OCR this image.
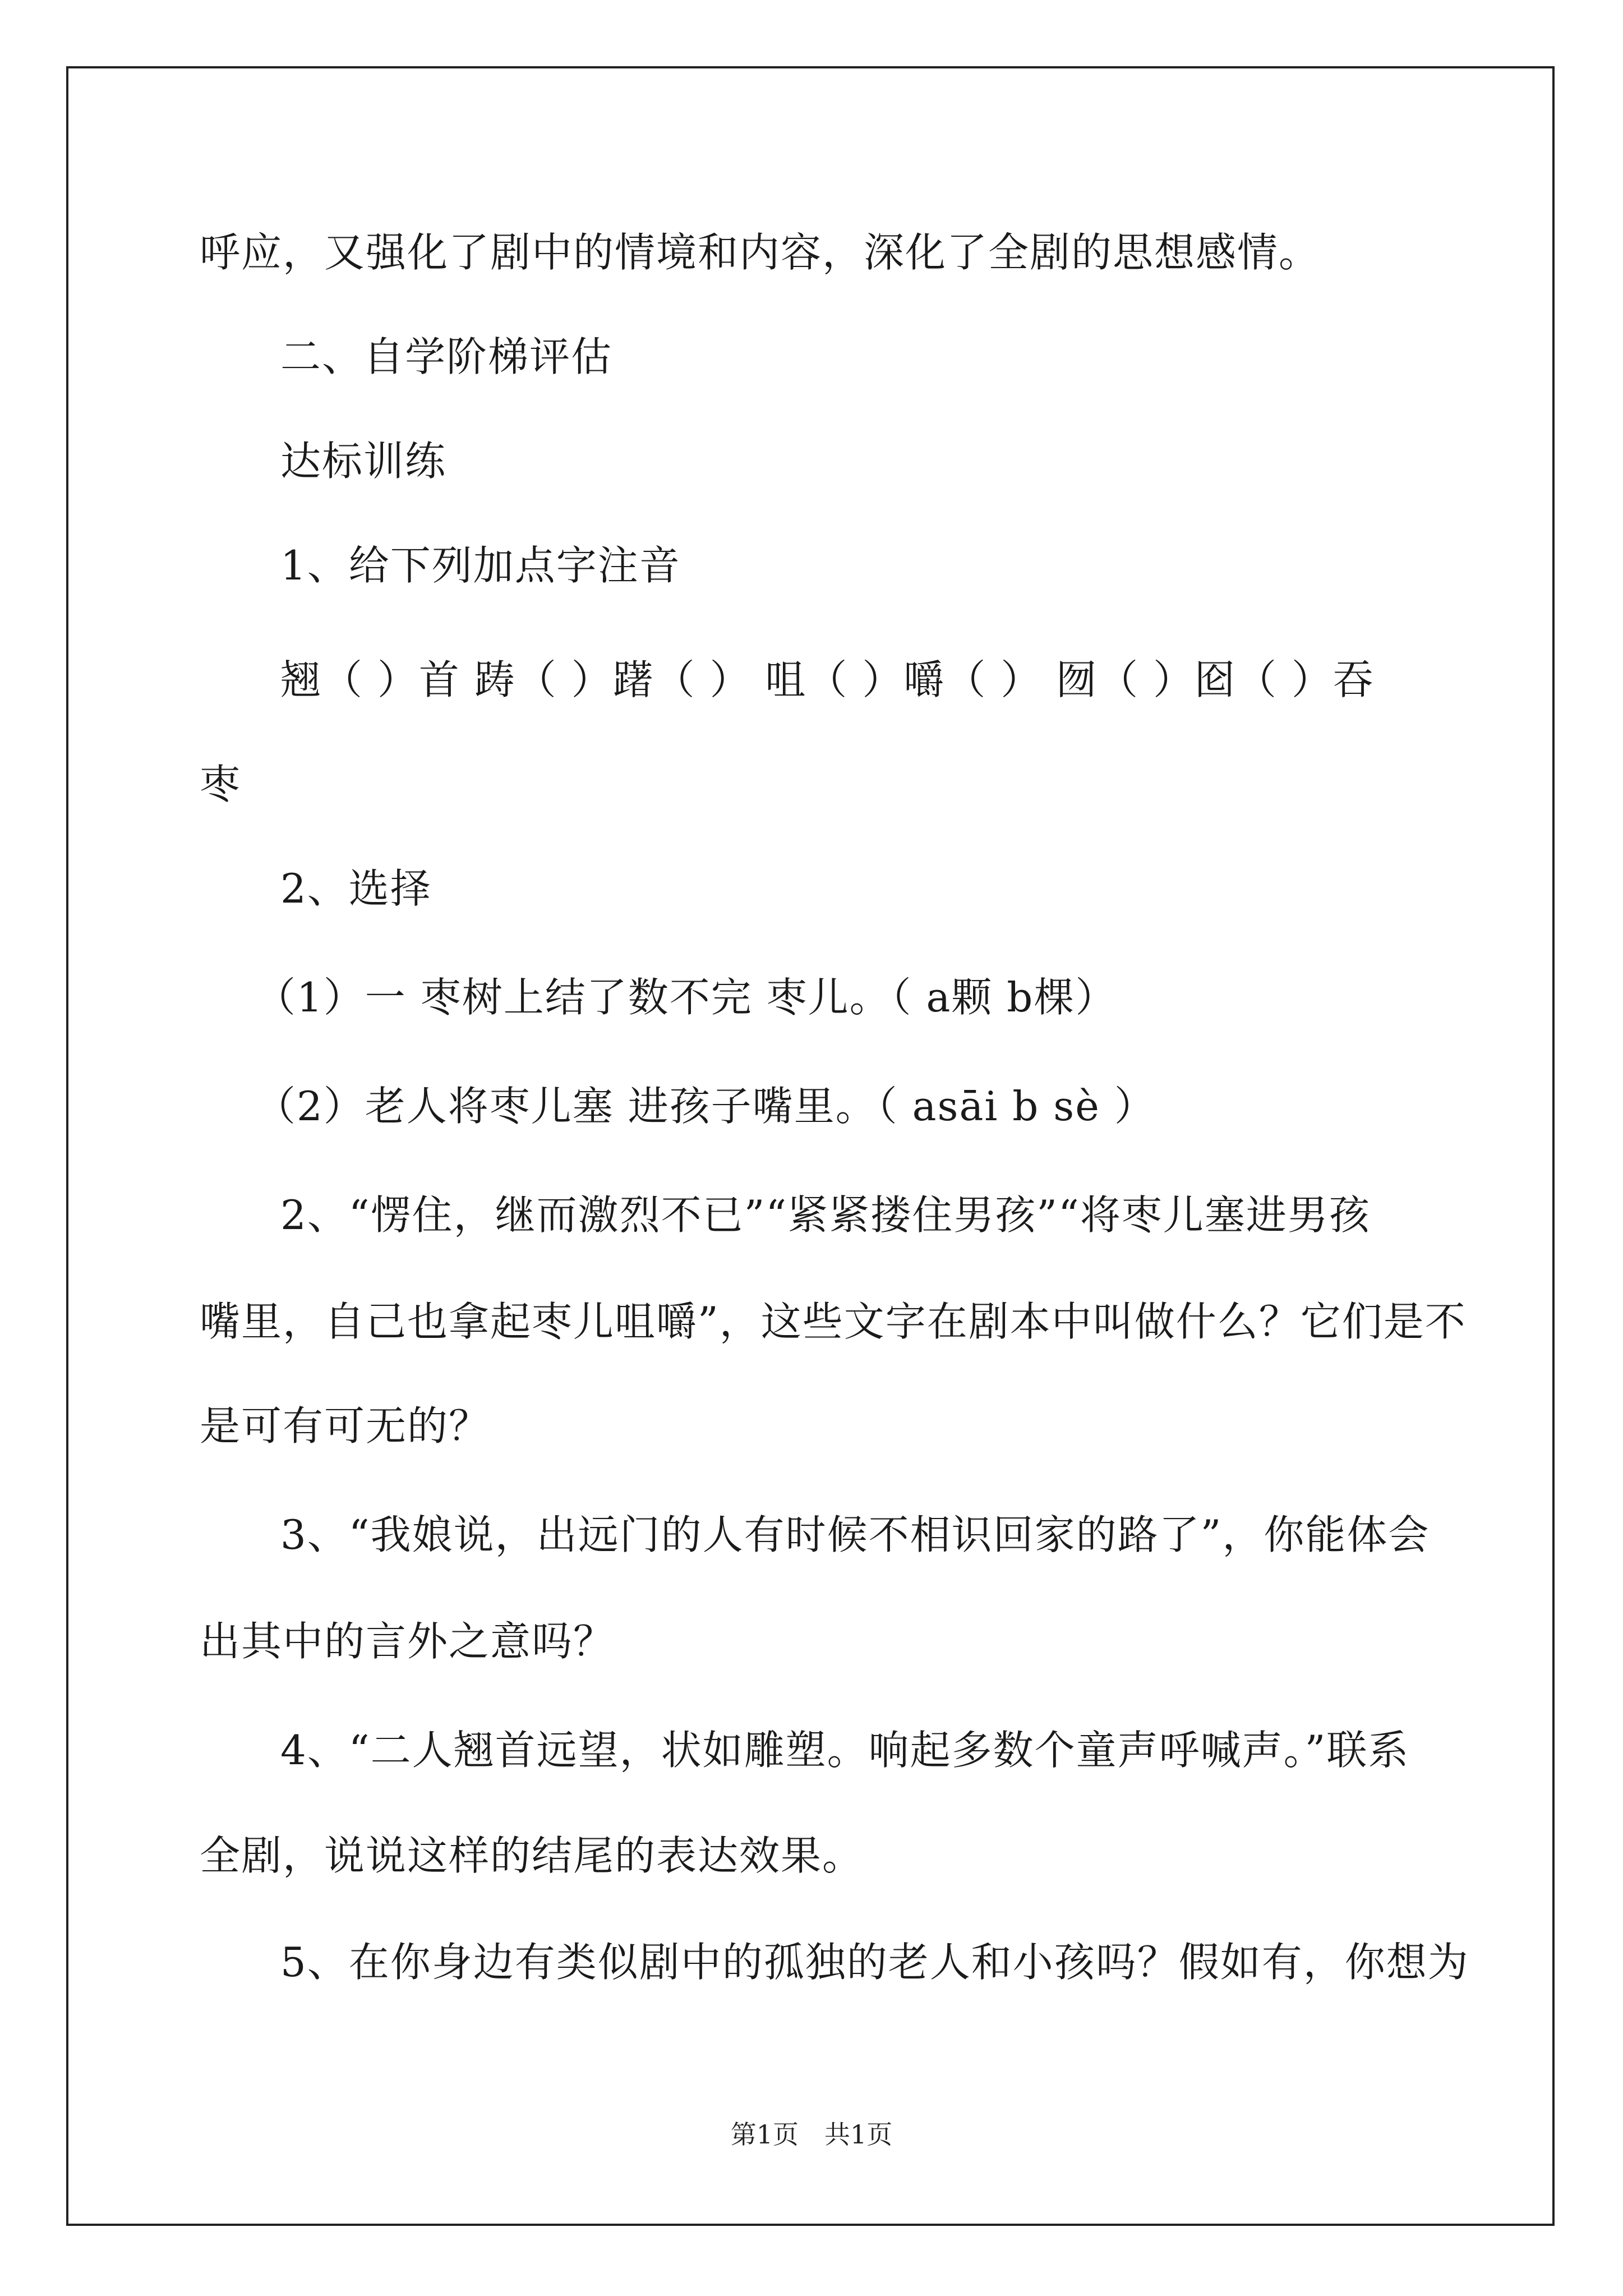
呼应，又强化了剧中的情境和内容，深化了全剧的思想感情。
二、自学阶梯评估
达标训练
1、给下列加点字注音
翘（ ）首 踌（ ）躇（ ） 咀（ ）嚼（ ） 囫（ ）囵（ ）吞
枣
2、选择
（1）一 枣树上结了数不完 枣儿。（ a颗 b棵）
（2）老人将枣儿塞 进孩子嘴里。（ asāi b sè ）
2、“愣住，继而激烈不已”“紧紧搂住男孩”“将枣儿塞进男孩
嘴里，自己也拿起枣儿咀嚼”，这些文字在剧本中叫做什么？它们是不
是可有可无的？
3、“我娘说，出远门的人有时候不相识回家的路了”，你能体会
出其中的言外之意吗？
4、“二人翘首远望，状如雕塑。响起多数个童声呼喊声。”联系
全剧，说说这样的结尾的表达效果。
5、在你身边有类似剧中的孤独的老人和小孩吗？假如有，你想为
第1页　共1页
